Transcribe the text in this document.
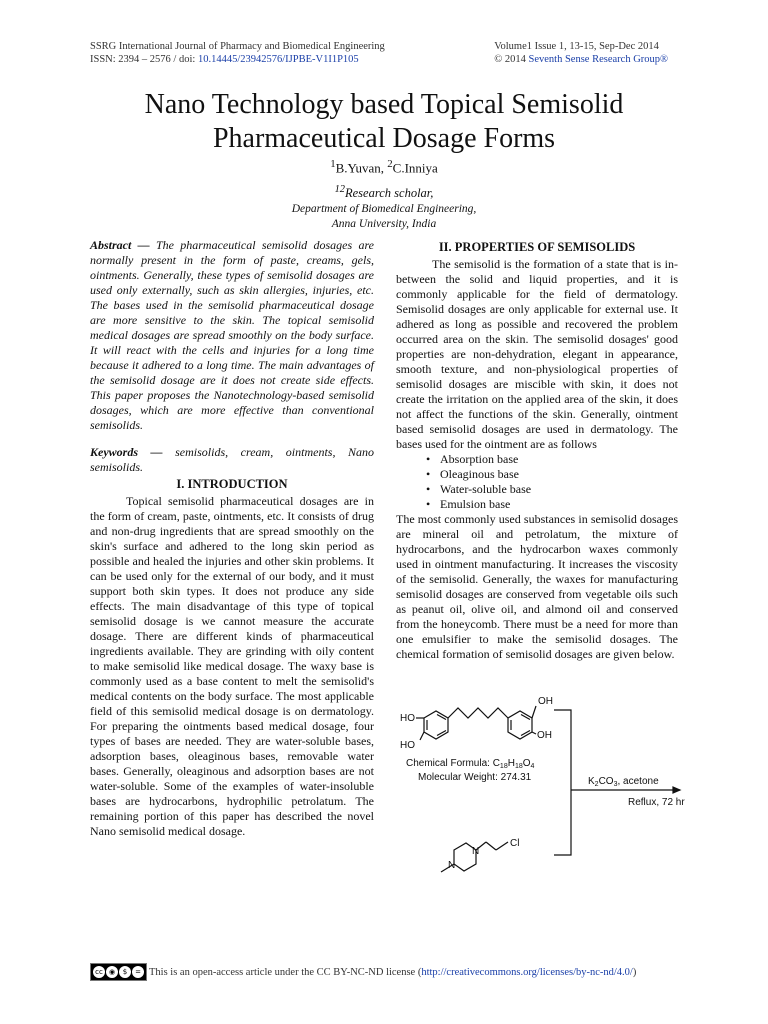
SSRG International Journal of Pharmacy and Biomedical Engineering
ISSN: 2394 – 2576 / doi: 10.14445/23942576/IJPBE-V1I1P105
Volume1 Issue 1, 13-15, Sep-Dec 2014
© 2014 Seventh Sense Research Group®
Nano Technology based Topical Semisolid
Pharmaceutical Dosage Forms
$^1$B.Yuvan, $^2$C.Inniya
$^{12}$Research scholar,
Department of Biomedical Engineering,
Anna University, India

Abstract — The pharmaceutical semisolid dosages are normally present in the form of paste, creams, gels, ointments. Generally, these types of semisolid dosages are used only externally, such as skin allergies, injuries, etc. The bases used in the semisolid pharmaceutical dosage are more sensitive to the skin. The topical semisolid medical dosages are spread smoothly on the body surface. It will react with the cells and injuries for a long time because it adhered to a long time. The main advantages of the semisolid dosage are it does not create side effects. This paper proposes the Nanotechnology-based semisolid dosages, which are more effective than conventional semisolids.

Keywords — semisolids, cream, ointments, Nano semisolids.

I. INTRODUCTION

Topical semisolid pharmaceutical dosages are in the form of cream, paste, ointments, etc. It consists of drug and non-drug ingredients that are spread smoothly on the skin's surface and adhered to the long skin period as possible and healed the injuries and other skin problems. It can be used only for the external of our body, and it must support both skin types. It does not produce any side effects. The main disadvantage of this type of topical semisolid dosage is we cannot measure the accurate dosage. There are different kinds of pharmaceutical ingredients available. They are grinding with oily content to make semisolid like medical dosage. The waxy base is commonly used as a base content to melt the semisolid's medical contents on the body surface. The most applicable field of this semisolid medical dosage is on dermatology. For preparing the ointments based medical dosage, four types of bases are needed. They are water-soluble bases, adsorption bases, oleaginous bases, removable water bases. Generally, oleaginous and adsorption bases are not water-soluble. Some of the examples of water-insoluble bases are hydrocarbons, hydrophilic petrolatum. The remaining portion of this paper has described the novel Nano semisolid medical dosage.

II. PROPERTIES OF SEMISOLIDS

The semisolid is the formation of a state that is in-between the solid and liquid properties, and it is commonly applicable for the field of dermatology. Semisolid dosages are only applicable for external use. It adhered as long as possible and recovered the problem occurred area on the skin. The semisolid dosages' good properties are non-dehydration, elegant in appearance, smooth texture, and non-physiological properties of semisolid dosages are miscible with skin, it does not create the irritation on the applied area of the skin, it does not affect the functions of the skin. Generally, ointment based semisolid dosages are used in dermatology. The bases used for the ointment are as follows

• Absorption base
• Oleaginous base
• Water-soluble base
• Emulsion base

The most commonly used substances in semisolid dosages are mineral oil and petrolatum, the mixture of hydrocarbons, and the hydrocarbon waxes commonly used in ointment manufacturing. It increases the viscosity of the semisolid. Generally, the waxes for manufacturing semisolid dosages are conserved from vegetable oils such as peanut oil, olive oil, and almond oil and conserved from the honeycomb. There must be a need for more than one emulsifier to make the semisolid dosages. The chemical formation of semisolid dosages are given below.

OH
HO
OH
HO
Chemical Formula: $C_{18}H_{18}O_4$
Molecular Weight: 274.31	$K_2CO_3$, acetone
Reflux, 72 hr
Cl
N
N
cc ◉	$	= This is an open-access article under the CC BY-NC-ND license ( http://creativecommons.org/licenses/by-nc-nd/4.0/ )
